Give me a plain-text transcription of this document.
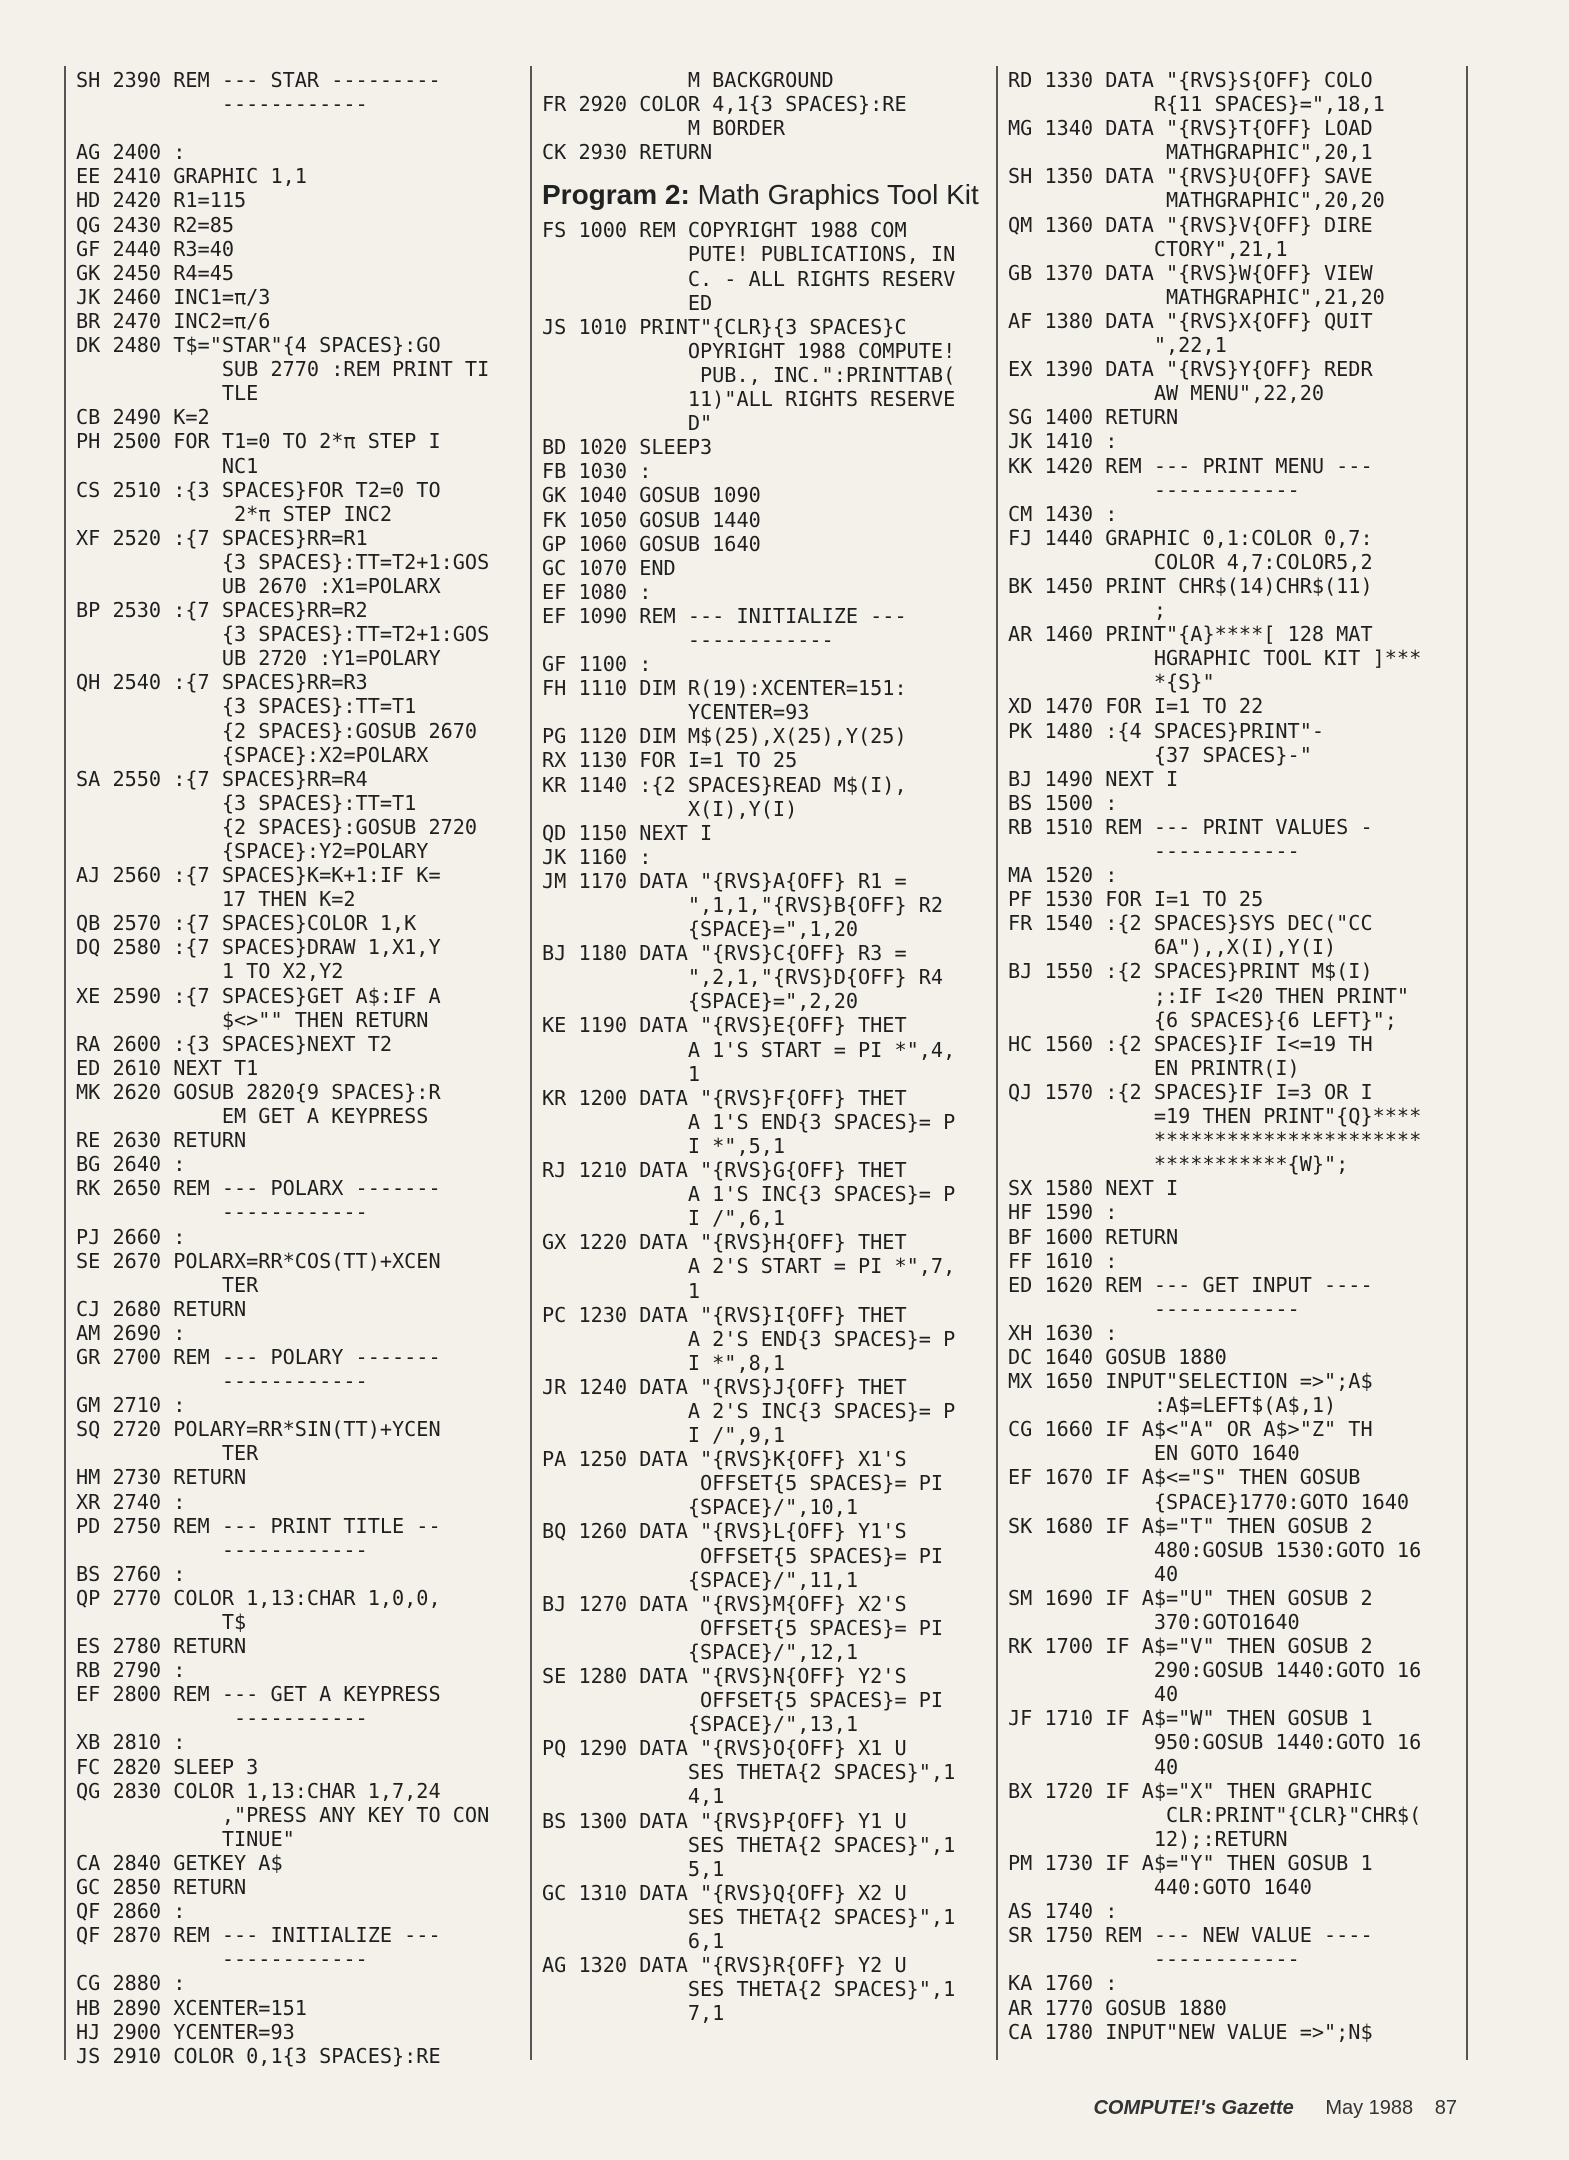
SH 2390 REM --- STAR ---------
------------
AG 2400 :
EE 2410 GRAPHIC 1,1
HD 2420 R1=115
QG 2430 R2=85
GF 2440 R3=40
GK 2450 R4=45
JK 2460 INC1=π/3
BR 2470 INC2=π/6
DK 2480 T$="STAR"{4 SPACES}:GO
SUB 2770 :REM PRINT TI
TLE
CB 2490 K=2
PH 2500 FOR T1=0 TO 2*π STEP I
NC1
CS 2510 :{3 SPACES}FOR T2=0 TO
2*π STEP INC2
XF 2520 :{7 SPACES}RR=R1
{3 SPACES}:TT=T2+1:GOS
UB 2670 :X1=POLARX
BP 2530 :{7 SPACES}RR=R2
{3 SPACES}:TT=T2+1:GOS
UB 2720 :Y1=POLARY
QH 2540 :{7 SPACES}RR=R3
{3 SPACES}:TT=T1
{2 SPACES}:GOSUB 2670
{SPACE}:X2=POLARX
SA 2550 :{7 SPACES}RR=R4
{3 SPACES}:TT=T1
{2 SPACES}:GOSUB 2720
{SPACE}:Y2=POLARY
AJ 2560 :{7 SPACES}K=K+1:IF K=
17 THEN K=2
QB 2570 :{7 SPACES}COLOR 1,K
DQ 2580 :{7 SPACES}DRAW 1,X1,Y
1 TO X2,Y2
XE 2590 :{7 SPACES}GET A$:IF A
$<>"" THEN RETURN
RA 2600 :{3 SPACES}NEXT T2
ED 2610 NEXT T1
MK 2620 GOSUB 2820{9 SPACES}:R
EM GET A KEYPRESS
RE 2630 RETURN
BG 2640 :
RK 2650 REM --- POLARX -------
------------
PJ 2660 :
SE 2670 POLARX=RR*COS(TT)+XCEN
TER
CJ 2680 RETURN
AM 2690 :
GR 2700 REM --- POLARY -------
------------
GM 2710 :
SQ 2720 POLARY=RR*SIN(TT)+YCEN
TER
HM 2730 RETURN
XR 2740 :
PD 2750 REM --- PRINT TITLE --
------------
BS 2760 :
QP 2770 COLOR 1,13:CHAR 1,0,0,
T$
ES 2780 RETURN
RB 2790 :
EF 2800 REM --- GET A KEYPRESS
-----------
XB 2810 :
FC 2820 SLEEP 3
QG 2830 COLOR 1,13:CHAR 1,7,24
,"PRESS ANY KEY TO CON
TINUE"
CA 2840 GETKEY A$
GC 2850 RETURN
QF 2860 :
QF 2870 REM --- INITIALIZE ---
------------
CG 2880 :
HB 2890 XCENTER=151
HJ 2900 YCENTER=93
JS 2910 COLOR 0,1{3 SPACES}:RE
M BACKGROUND
FR 2920 COLOR 4,1{3 SPACES}:RE
M BORDER
CK 2930 RETURN
Program 2: Math Graphics Tool Kit
FS 1000 REM COPYRIGHT 1988 COM
PUTE! PUBLICATIONS, IN
C. - ALL RIGHTS RESERV
ED
JS 1010 PRINT"{CLR}{3 SPACES}C
OPYRIGHT 1988 COMPUTE!
PUB., INC.":PRINTTAB(
11)"ALL RIGHTS RESERVE
D"
BD 1020 SLEEP3
FB 1030 :
GK 1040 GOSUB 1090
FK 1050 GOSUB 1440
GP 1060 GOSUB 1640
GC 1070 END
EF 1080 :
EF 1090 REM --- INITIALIZE ---
------------
GF 1100 :
FH 1110 DIM R(19):XCENTER=151:
YCENTER=93
PG 1120 DIM M$(25),X(25),Y(25)
RX 1130 FOR I=1 TO 25
KR 1140 :{2 SPACES}READ M$(I),
X(I),Y(I)
QD 1150 NEXT I
JK 1160 :
JM 1170 DATA "{RVS}A{OFF} R1 =
",1,1,"{RVS}B{OFF} R2
{SPACE}=",1,20
BJ 1180 DATA "{RVS}C{OFF} R3 =
",2,1,"{RVS}D{OFF} R4
{SPACE}=",2,20
KE 1190 DATA "{RVS}E{OFF} THET
A 1'S START = PI *",4,
1
KR 1200 DATA "{RVS}F{OFF} THET
A 1'S END{3 SPACES}= P
I *",5,1
RJ 1210 DATA "{RVS}G{OFF} THET
A 1'S INC{3 SPACES}= P
I /",6,1
GX 1220 DATA "{RVS}H{OFF} THET
A 2'S START = PI *",7,
1
PC 1230 DATA "{RVS}I{OFF} THET
A 2'S END{3 SPACES}= P
I *",8,1
JR 1240 DATA "{RVS}J{OFF} THET
A 2'S INC{3 SPACES}= P
I /",9,1
PA 1250 DATA "{RVS}K{OFF} X1'S
OFFSET{5 SPACES}= PI
{SPACE}/",10,1
BQ 1260 DATA "{RVS}L{OFF} Y1'S
OFFSET{5 SPACES}= PI
{SPACE}/",11,1
BJ 1270 DATA "{RVS}M{OFF} X2'S
OFFSET{5 SPACES}= PI
{SPACE}/",12,1
SE 1280 DATA "{RVS}N{OFF} Y2'S
OFFSET{5 SPACES}= PI
{SPACE}/",13,1
PQ 1290 DATA "{RVS}O{OFF} X1 U
SES THETA{2 SPACES}",1
4,1
BS 1300 DATA "{RVS}P{OFF} Y1 U
SES THETA{2 SPACES}",1
5,1
GC 1310 DATA "{RVS}Q{OFF} X2 U
SES THETA{2 SPACES}",1
6,1
AG 1320 DATA "{RVS}R{OFF} Y2 U
SES THETA{2 SPACES}",1
7,1
RD 1330 DATA "{RVS}S{OFF} COLO
R{11 SPACES}=",18,1
MG 1340 DATA "{RVS}T{OFF} LOAD
MATHGRAPHIC",20,1
SH 1350 DATA "{RVS}U{OFF} SAVE
MATHGRAPHIC",20,20
QM 1360 DATA "{RVS}V{OFF} DIRE
CTORY",21,1
GB 1370 DATA "{RVS}W{OFF} VIEW
MATHGRAPHIC",21,20
AF 1380 DATA "{RVS}X{OFF} QUIT
",22,1
EX 1390 DATA "{RVS}Y{OFF} REDR
AW MENU",22,20
SG 1400 RETURN
JK 1410 :
KK 1420 REM --- PRINT MENU ---
------------
CM 1430 :
FJ 1440 GRAPHIC 0,1:COLOR 0,7:
COLOR 4,7:COLOR5,2
BK 1450 PRINT CHR$(14)CHR$(11)
;
AR 1460 PRINT"{A}****[ 128 MAT
HGRAPHIC TOOL KIT ]***
*{S}"
XD 1470 FOR I=1 TO 22
PK 1480 :{4 SPACES}PRINT"-
{37 SPACES}-"
BJ 1490 NEXT I
BS 1500 :
RB 1510 REM --- PRINT VALUES -
------------
MA 1520 :
PF 1530 FOR I=1 TO 25
FR 1540 :{2 SPACES}SYS DEC("CC
6A"),,X(I),Y(I)
BJ 1550 :{2 SPACES}PRINT M$(I)
;:IF I<20 THEN PRINT"
{6 SPACES}{6 LEFT}";
HC 1560 :{2 SPACES}IF I<=19 TH
EN PRINTR(I)
QJ 1570 :{2 SPACES}IF I=3 OR I
=19 THEN PRINT"{Q}****
**********************
***********{W}";
SX 1580 NEXT I
HF 1590 :
BF 1600 RETURN
FF 1610 :
ED 1620 REM --- GET INPUT ----
------------
XH 1630 :
DC 1640 GOSUB 1880
MX 1650 INPUT"SELECTION =>";A$
:A$=LEFT$(A$,1)
CG 1660 IF A$<"A" OR A$>"Z" TH
EN GOTO 1640
EF 1670 IF A$<="S" THEN GOSUB
{SPACE}1770:GOTO 1640
SK 1680 IF A$="T" THEN GOSUB 2
480:GOSUB 1530:GOTO 16
40
SM 1690 IF A$="U" THEN GOSUB 2
370:GOTO1640
RK 1700 IF A$="V" THEN GOSUB 2
290:GOSUB 1440:GOTO 16
40
JF 1710 IF A$="W" THEN GOSUB 1
950:GOSUB 1440:GOTO 16
40
BX 1720 IF A$="X" THEN GRAPHIC
CLR:PRINT"{CLR}"CHR$(
12);:RETURN
PM 1730 IF A$="Y" THEN GOSUB 1
440:GOTO 1640
AS 1740 :
SR 1750 REM --- NEW VALUE ----
------------
KA 1760 :
AR 1770 GOSUB 1880
CA 1780 INPUT"NEW VALUE =>";N$
COMPUTE!'s Gazette May 1988 87
